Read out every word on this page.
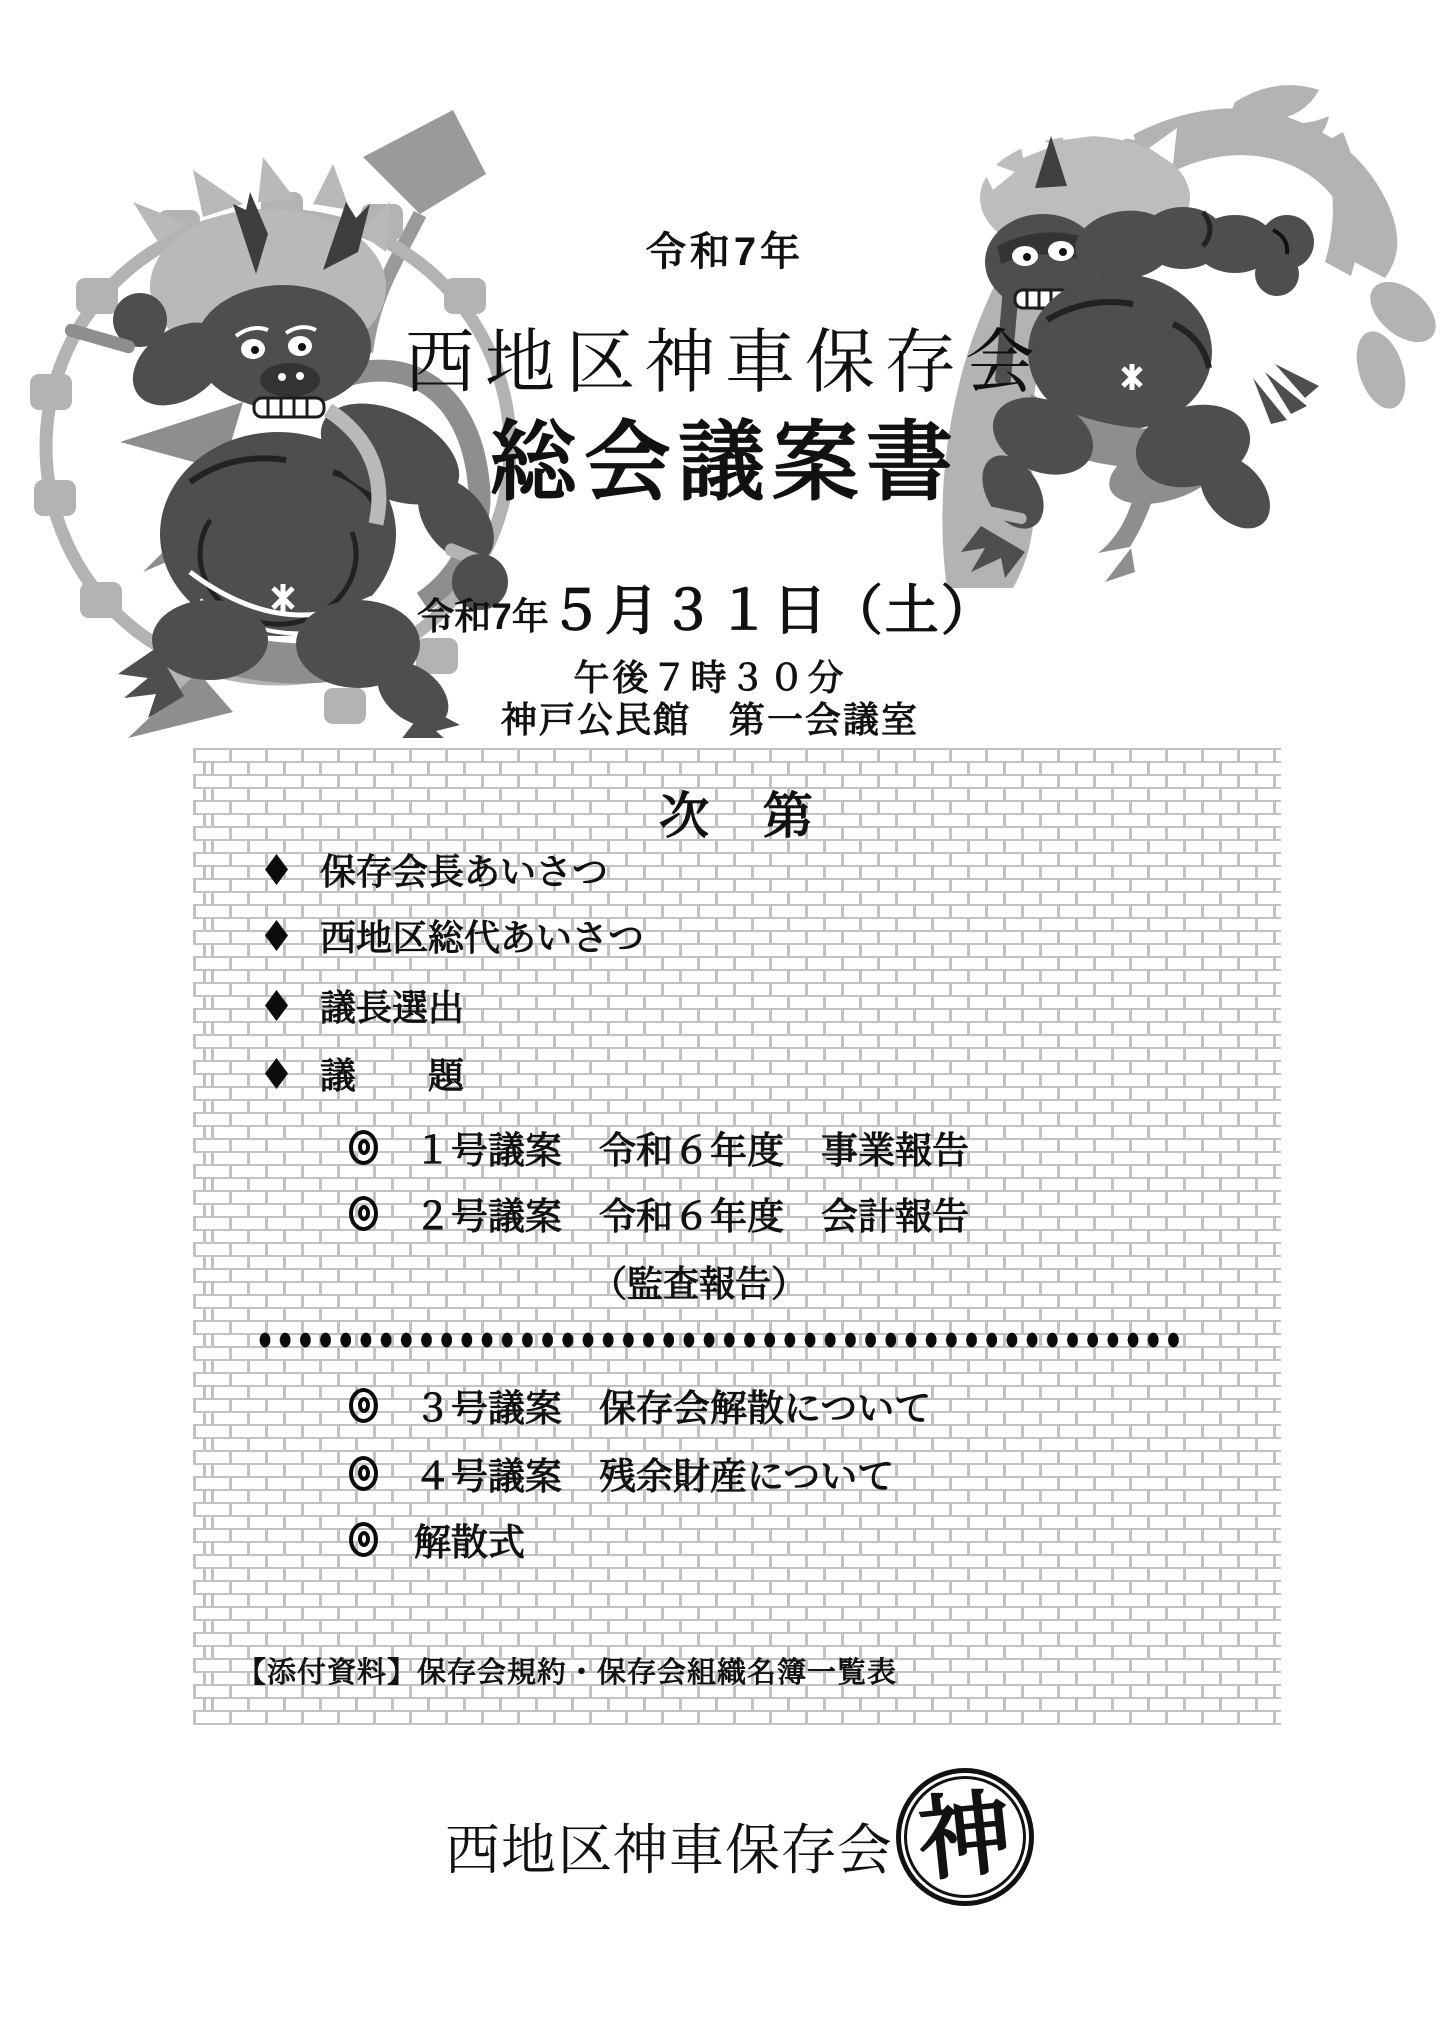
令和7年
西地区神車保存会
総会議案書
令和7年５月３１日（土）
午後７時３０分
神戸公民館　第一会議室
次　第
保存会長あいさつ
西地区総代あいさつ
議長選出
議　　題
１号議案　令和６年度　事業報告
２号議案　令和６年度　会計報告
（監査報告）
３号議案　保存会解散について
４号議案　残余財産について
解散式
【添付資料】保存会規約・保存会組織名簿一覧表
西地区神車保存会 神
